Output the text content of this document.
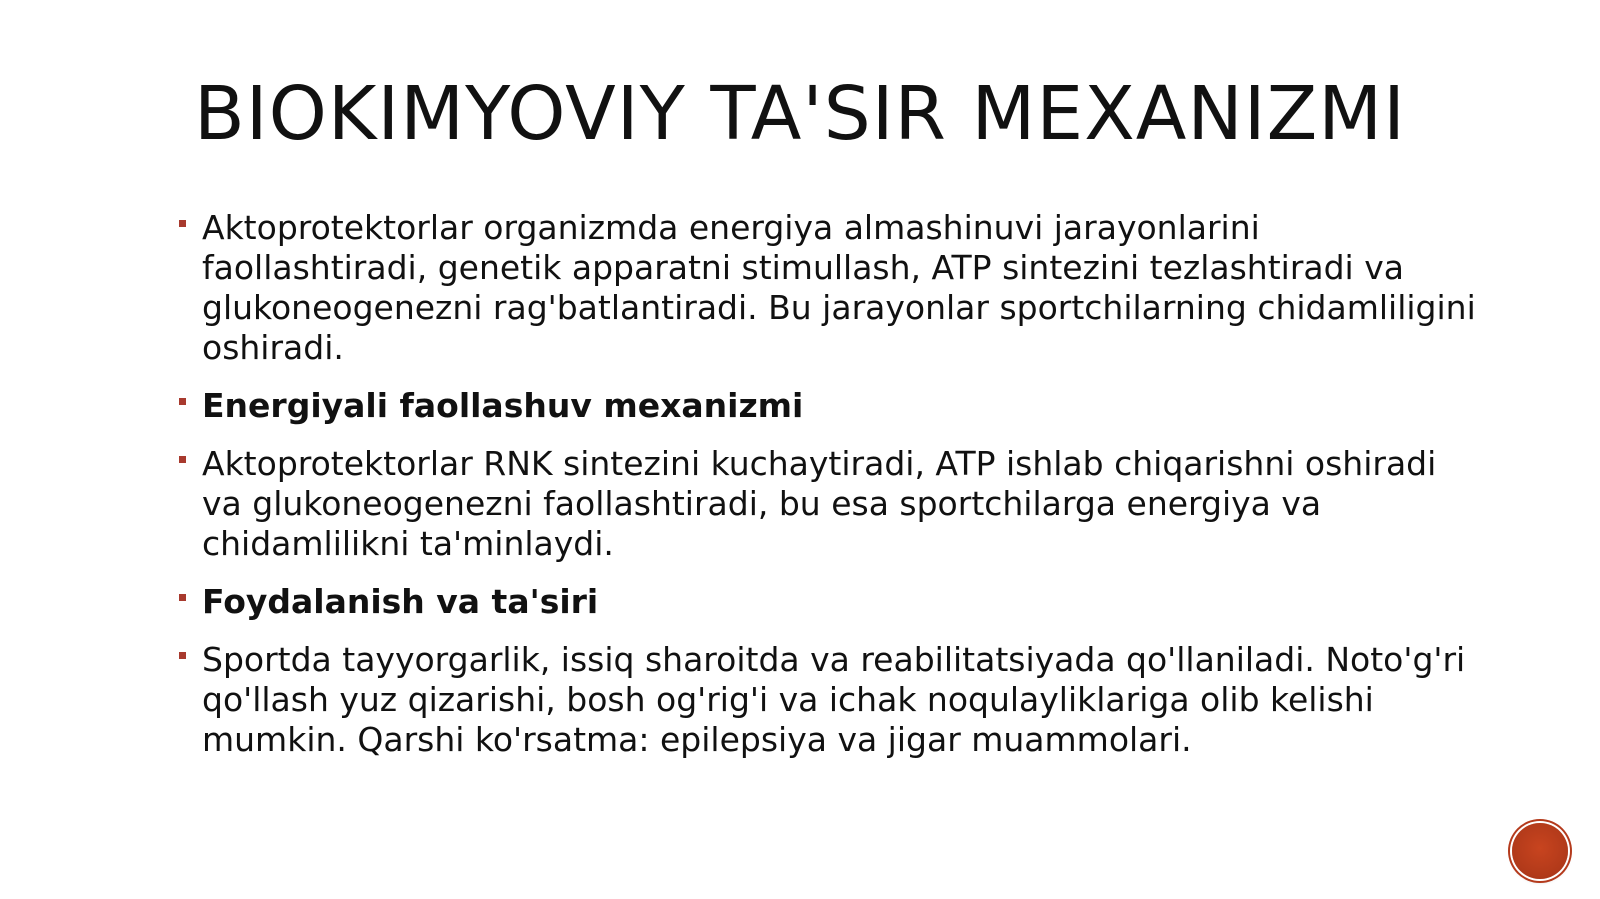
BIOKIMYOVIY TA'SIR MEXANIZMI
Aktoprotektorlar organizmda energiya almashinuvi jarayonlarini faollashtiradi, genetik apparatni stimullash, ATP sintezini tezlashtiradi va glukoneogenezni rag'batlantiradi. Bu jarayonlar sportchilarning chidamliligini oshiradi.
Energiyali faollashuv mexanizmi
Aktoprotektorlar RNK sintezini kuchaytiradi, ATP ishlab chiqarishni oshiradi va glukoneogenezni faollashtiradi, bu esa sportchilarga energiya va chidamlilikni ta'minlaydi.
Foydalanish va ta'siri
Sportda tayyorgarlik, issiq sharoitda va reabilitatsiyada qo'llaniladi. Noto'g'ri qo'llash yuz qizarishi, bosh og'rig'i va ichak noqulayliklariga olib kelishi mumkin. Qarshi ko'rsatma: epilepsiya va jigar muammolari.
